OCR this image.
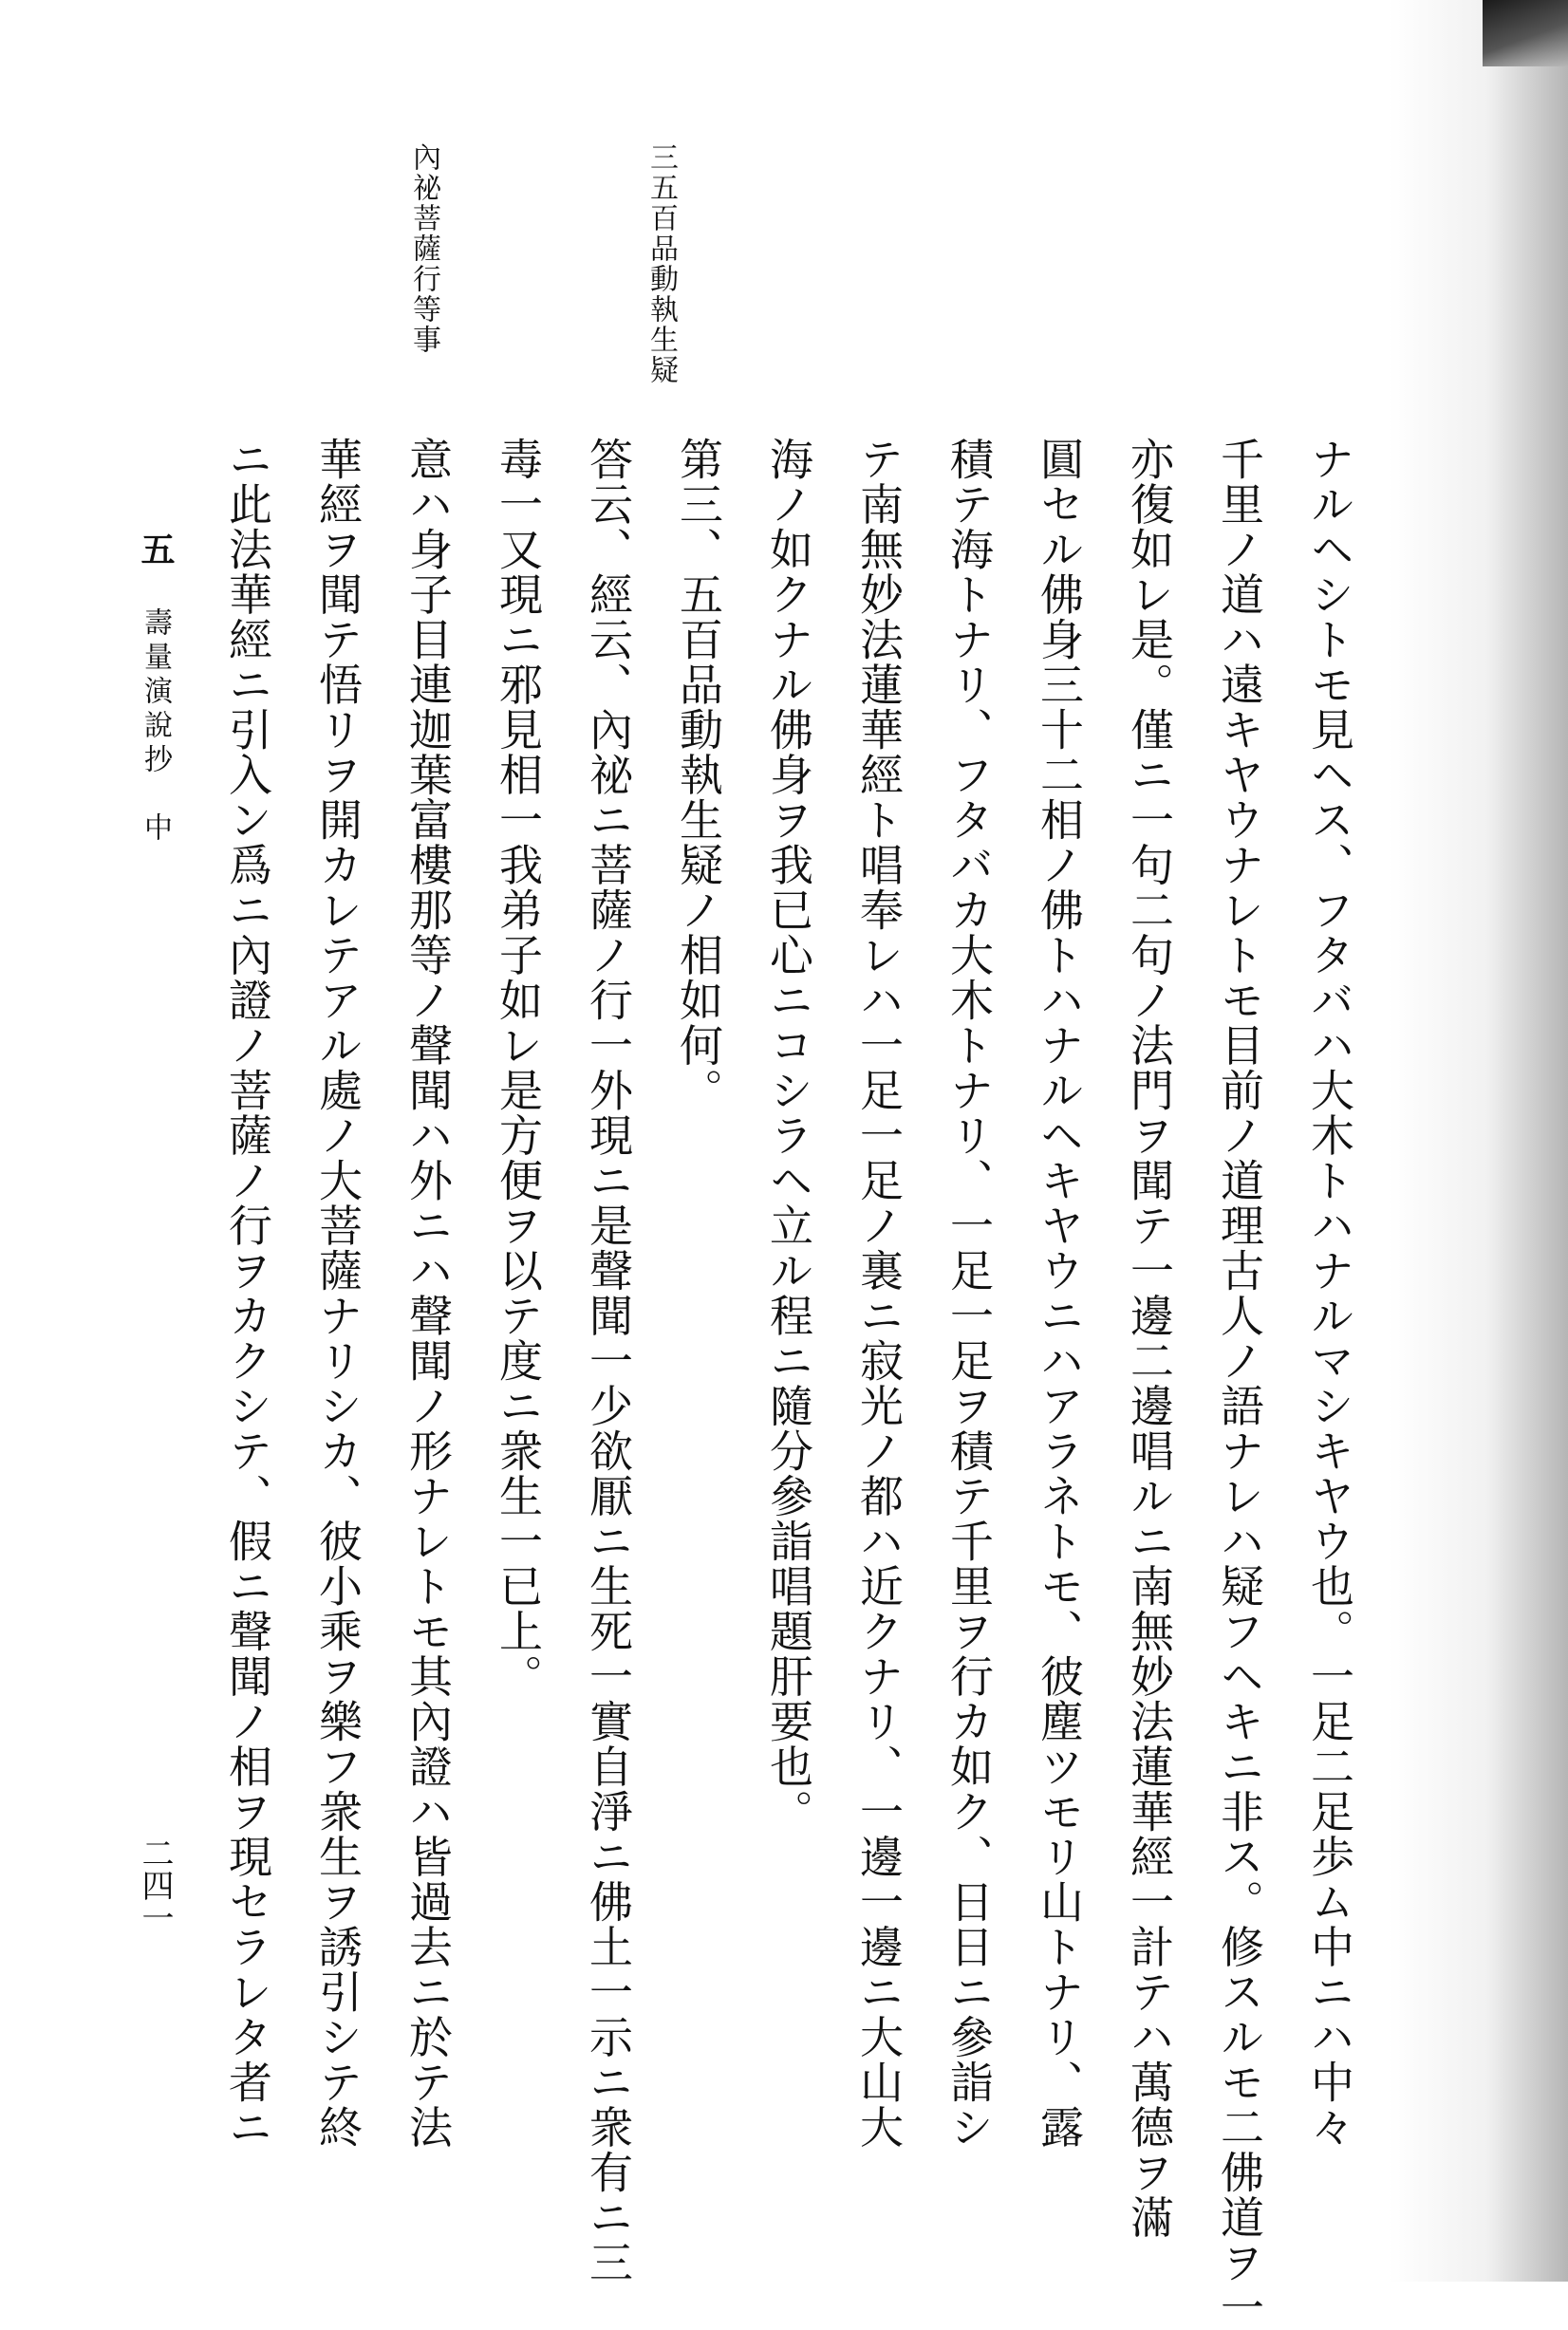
ナルヘシトモ見ヘス、フタバハ大木トハナルマシキヤウ也。一足二足歩ム中ニハ中々
千里ノ道ハ遠キヤウナレトモ目前ノ道理古人ノ語ナレハ疑フヘキニ非ス。修スルモ二佛道ヲ一
亦復如レ是。僅ニ一句二句ノ法門ヲ聞テ一邊二邊唱ルニ南無妙法蓮華經一計テハ萬德ヲ滿
圓セル佛身三十二相ノ佛トハナルヘキヤウニハアラネトモ、彼塵ツモリ山トナリ、露
積テ海トナリ、フタバカ大木トナリ、一足一足ヲ積テ千里ヲ行カ如ク、日日ニ參詣シ
テ南無妙法蓮華經ト唱奉レハ一足一足ノ裏ニ寂光ノ都ハ近クナリ、一邊一邊ニ大山大
海ノ如クナル佛身ヲ我已心ニコシラヘ立ル程ニ隨分參詣唱題肝要也。
第三、五百品動執生疑ノ相如何。
答云、經云、內祕ニ菩薩ノ行一外現ニ是聲聞一少欲厭ニ生死一實自淨ニ佛土一示ニ衆有ニ三
毒一又現ニ邪見相一我弟子如レ是方便ヲ以テ度ニ衆生一已上。
意ハ身子目連迦葉富樓那等ノ聲聞ハ外ニハ聲聞ノ形ナレトモ其內證ハ皆過去ニ於テ法
華經ヲ聞テ悟リヲ開カレテアル處ノ大菩薩ナリシカ、彼小乘ヲ樂フ衆生ヲ誘引シテ終
ニ此法華經ニ引入ン爲ニ內證ノ菩薩ノ行ヲカクシテ、假ニ聲聞ノ相ヲ現セラレタ者ニ
三五百品動執生疑
內祕菩薩行等事
五
壽量演說抄　中
二四一
